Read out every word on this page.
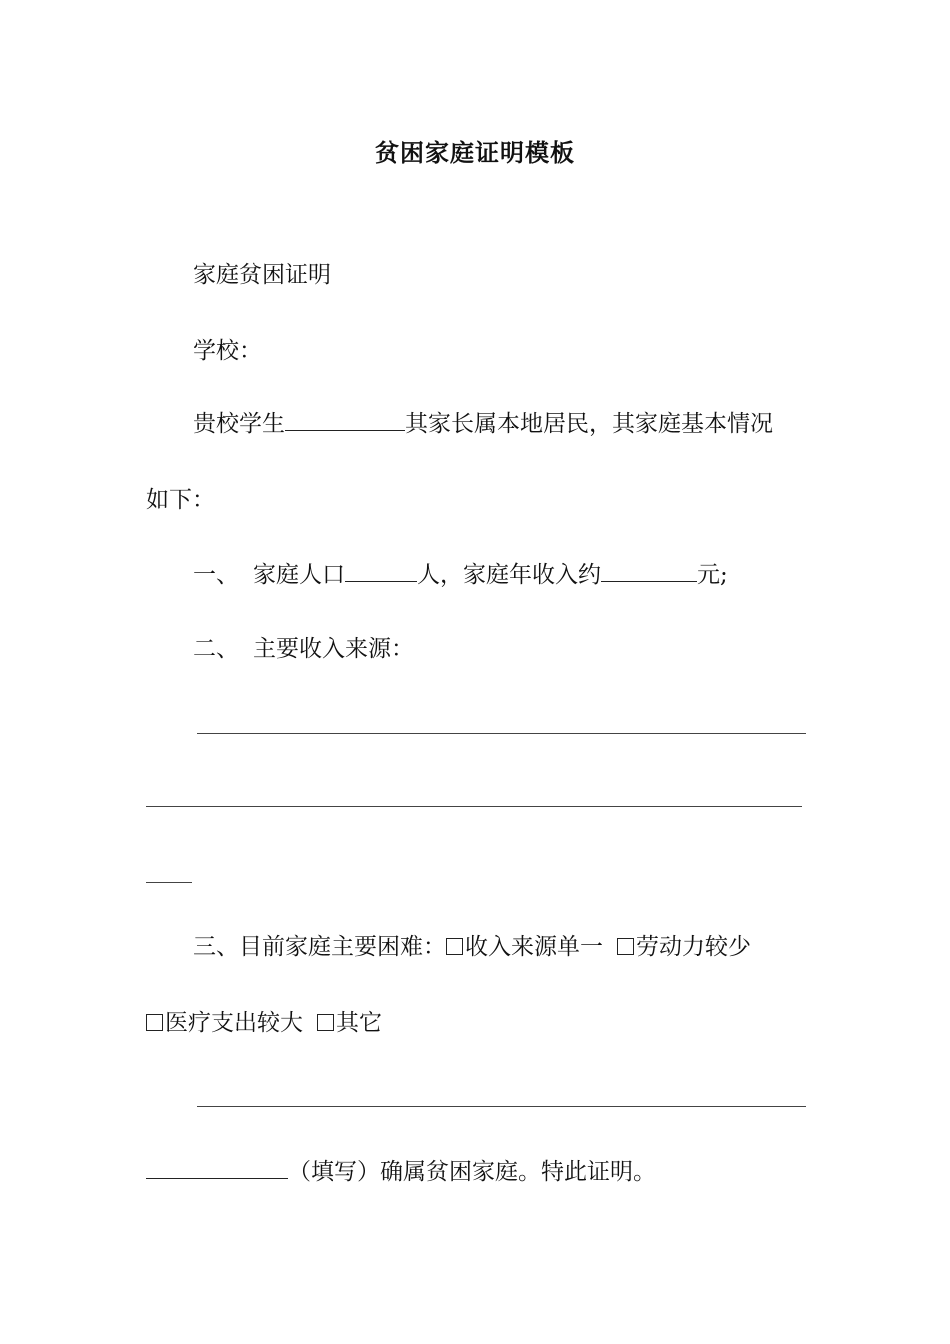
贫困家庭证明模板
家庭贫困证明
学校：
贵校学生	其家长属本地居民，其家庭基本情况
如下：
一、 家庭人口	人，家庭年收入约	元;
二、 主要收入来源：
三、目前家庭主要困难： 收入来源单一 劳动力较少
医疗支出较大 其它
（填写）确属贫困家庭。特此证明。
